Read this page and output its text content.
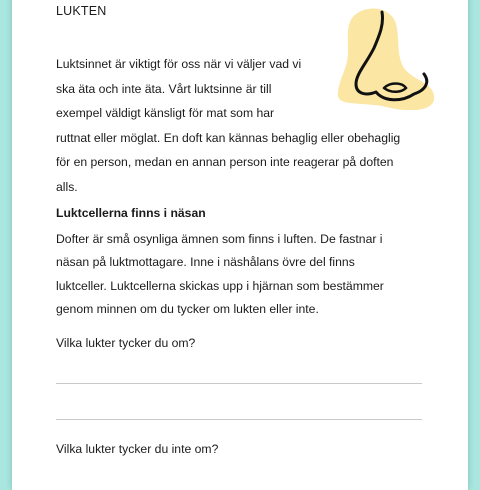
LUKTEN

Luktsinnet är viktigt för oss när vi väljer vad vi
ska äta och inte äta. Vårt luktsinne är till
exempel väldigt känsligt för mat som har
ruttnat eller möglat. En doft kan kännas behaglig eller obehaglig
för en person, medan en annan person inte reagerar på doften
alls.

Luktcellerna finns i näsan

Dofter är små osynliga ämnen som finns i luften. De fastnar i
näsan på luktmottagare. Inne i näshålans övre del finns
luktceller. Luktcellerna skickas upp i hjärnan som bestämmer
genom minnen om du tycker om lukten eller inte.

Vilka lukter tycker du om?

Vilka lukter tycker du inte om?
